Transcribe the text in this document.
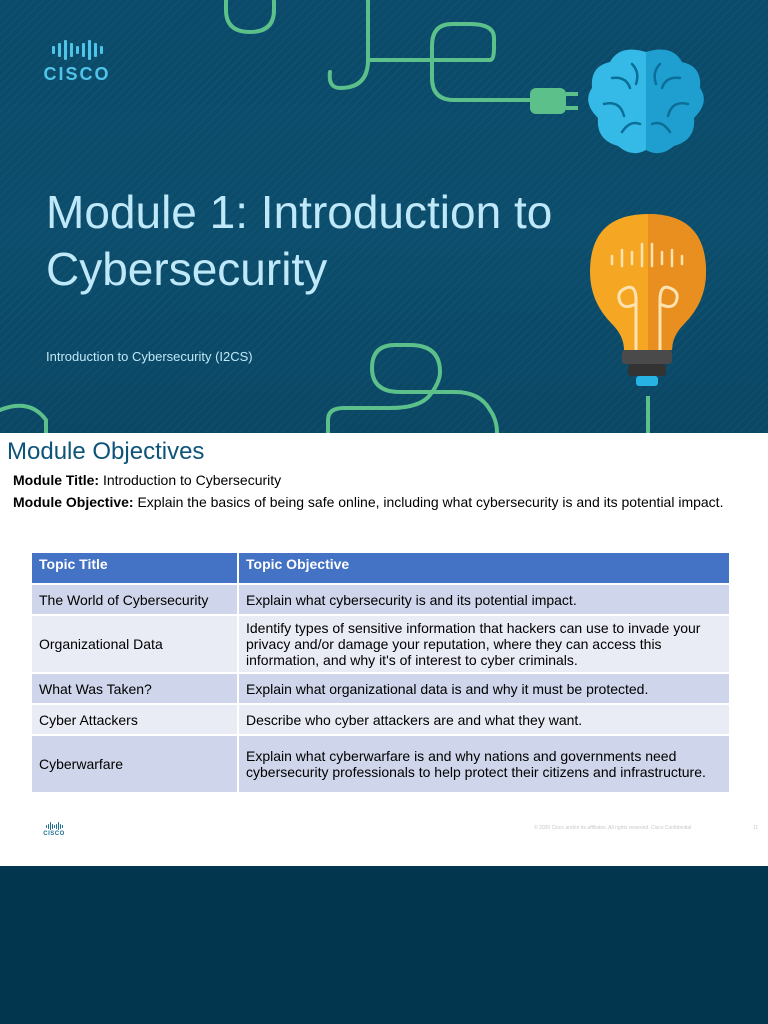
CISCO
Module 1: Introduction to Cybersecurity
Introduction to Cybersecurity (I2CS)
Module Objectives
Module Title: Introduction to Cybersecurity
Module Objective: Explain the basics of being safe online, including what cybersecurity is and its potential impact.
Topic Title	Topic Objective
The World of Cybersecurity	Explain what cybersecurity is and its potential impact.
Organizational Data	Identify types of sensitive information that hackers can use to invade your privacy and/or damage your reputation, where they can access this information, and why it's of interest to cyber criminals.
What Was Taken?	Explain what organizational data is and why it must be protected.
Cyber Attackers	Describe who cyber attackers are and what they want.
Cyberwarfare	Explain what cyberwarfare is and why nations and governments need cybersecurity professionals to help protect their citizens and infrastructure.
CISCO
© 2020 Cisco and/or its affiliates. All rights reserved. Cisco Confidential	11
